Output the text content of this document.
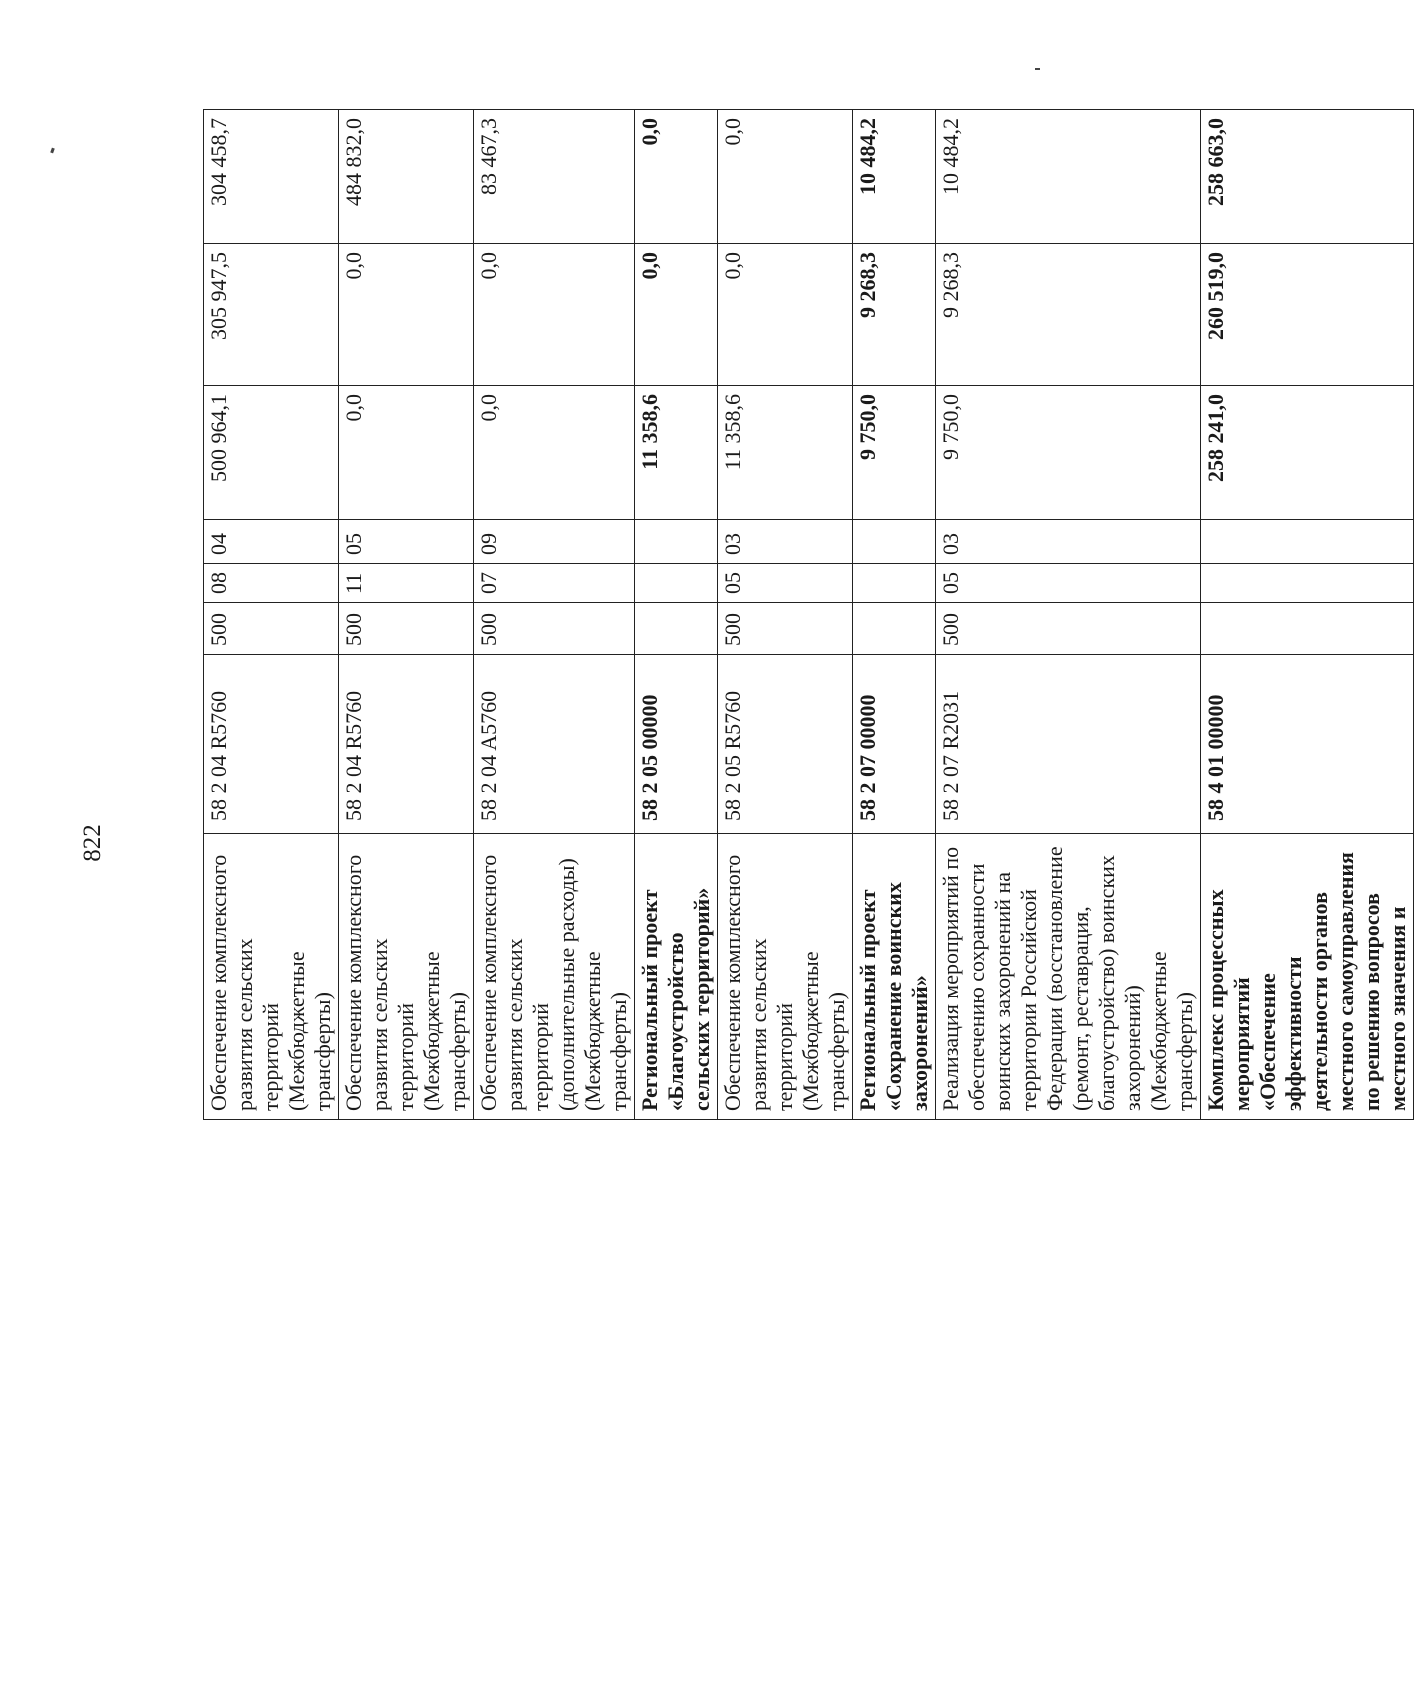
822
Обеспечение комплексного развития сельских территорий (Межбюджетные трансферты)	58 2 04 R5760	500	08	04	500 964,1	305 947,5	304 458,7
Обеспечение комплексного развития сельских территорий (Межбюджетные трансферты)	58 2 04 R5760	500	11	05	0,0	0,0	484 832,0
Обеспечение комплексного развития сельских территорий (дополнительные расходы) (Межбюджетные трансферты)	58 2 04 A5760	500	07	09	0,0	0,0	83 467,3
Региональный проект «Благоустройство сельских территорий»	58 2 05 00000				11 358,6	0,0	0,0
Обеспечение комплексного развития сельских территорий (Межбюджетные трансферты)	58 2 05 R5760	500	05	03	11 358,6	0,0	0,0
Региональный проект «Сохранение воинских захоронений»	58 2 07 00000				9 750,0	9 268,3	10 484,2
Реализация мероприятий по обеспечению сохранности воинских захоронений на территории Российской Федерации (восстановление (ремонт, реставрация, благоустройство) воинских захоронений) (Межбюджетные трансферты)	58 2 07 R2031	500	05	03	9 750,0	9 268,3	10 484,2
Комплекс процессных мероприятий «Обеспечение эффективности деятельности органов местного самоуправления по решению вопросов местного значения и	58 4 01 00000				258 241,0	260 519,0	258 663,0
